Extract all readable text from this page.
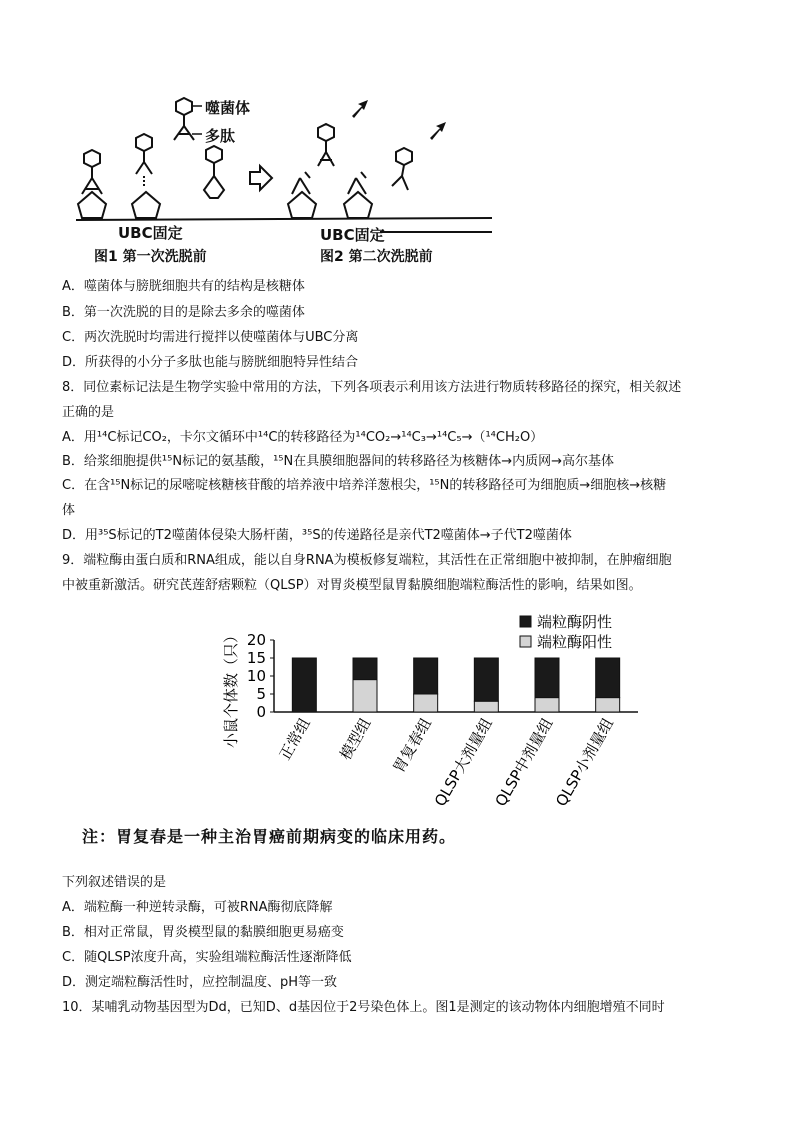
噬菌体
多肽
UBC固定	UBC固定
图1 第一次洗脱前	图2 第二次洗脱前
A．噬菌体与膀胱细胞共有的结构是核糖体
B．第一次洗脱的目的是除去多余的噬菌体
C．两次洗脱时均需进行搅拌以使噬菌体与UBC分离
D．所获得的小分子多肽也能与膀胱细胞特异性结合
8．同位素标记法是生物学实验中常用的方法，下列各项表示利用该方法进行物质转移路径的探究，相关叙述
正确的是
A．用¹⁴C标记CO₂，卡尔文循环中¹⁴C的转移路径为¹⁴CO₂→¹⁴C₃→¹⁴C₅→（¹⁴CH₂O）
B．给浆细胞提供¹⁵N标记的氨基酸，¹⁵N在具膜细胞器间的转移路径为核糖体→内质网→高尔基体
C．在含¹⁵N标记的尿嘧啶核糖核苷酸的培养液中培养洋葱根尖，¹⁵N的转移路径可为细胞质→细胞核→核糖
体
D．用³⁵S标记的T2噬菌体侵染大肠杆菌，³⁵S的传递路径是亲代T2噬菌体→子代T2噬菌体
9．端粒酶由蛋白质和RNA组成，能以自身RNA为模板修复端粒，其活性在正常细胞中被抑制，在肿瘤细胞
中被重新激活。研究芪莲舒痞颗粒（QLSP）对胃炎模型鼠胃黏膜细胞端粒酶活性的影响，结果如图。
0
5
10
15
20
小鼠个体数（只） 正常组 模型组 胃复春组
QLSP大剂量组
QLSP中剂量组
QLSP小剂量组
端粒酶阴性
端粒酶阳性
注：胃复春是一种主治胃癌前期病变的临床用药。
下列叙述错误的是
A．端粒酶一种逆转录酶，可被RNA酶彻底降解
B．相对正常鼠，胃炎模型鼠的黏膜细胞更易癌变
C．随QLSP浓度升高，实验组端粒酶活性逐渐降低
D．测定端粒酶活性时，应控制温度、pH等一致
10．某哺乳动物基因型为Dd，已知D、d基因位于2号染色体上。图1是测定的该动物体内细胞增殖不同时
